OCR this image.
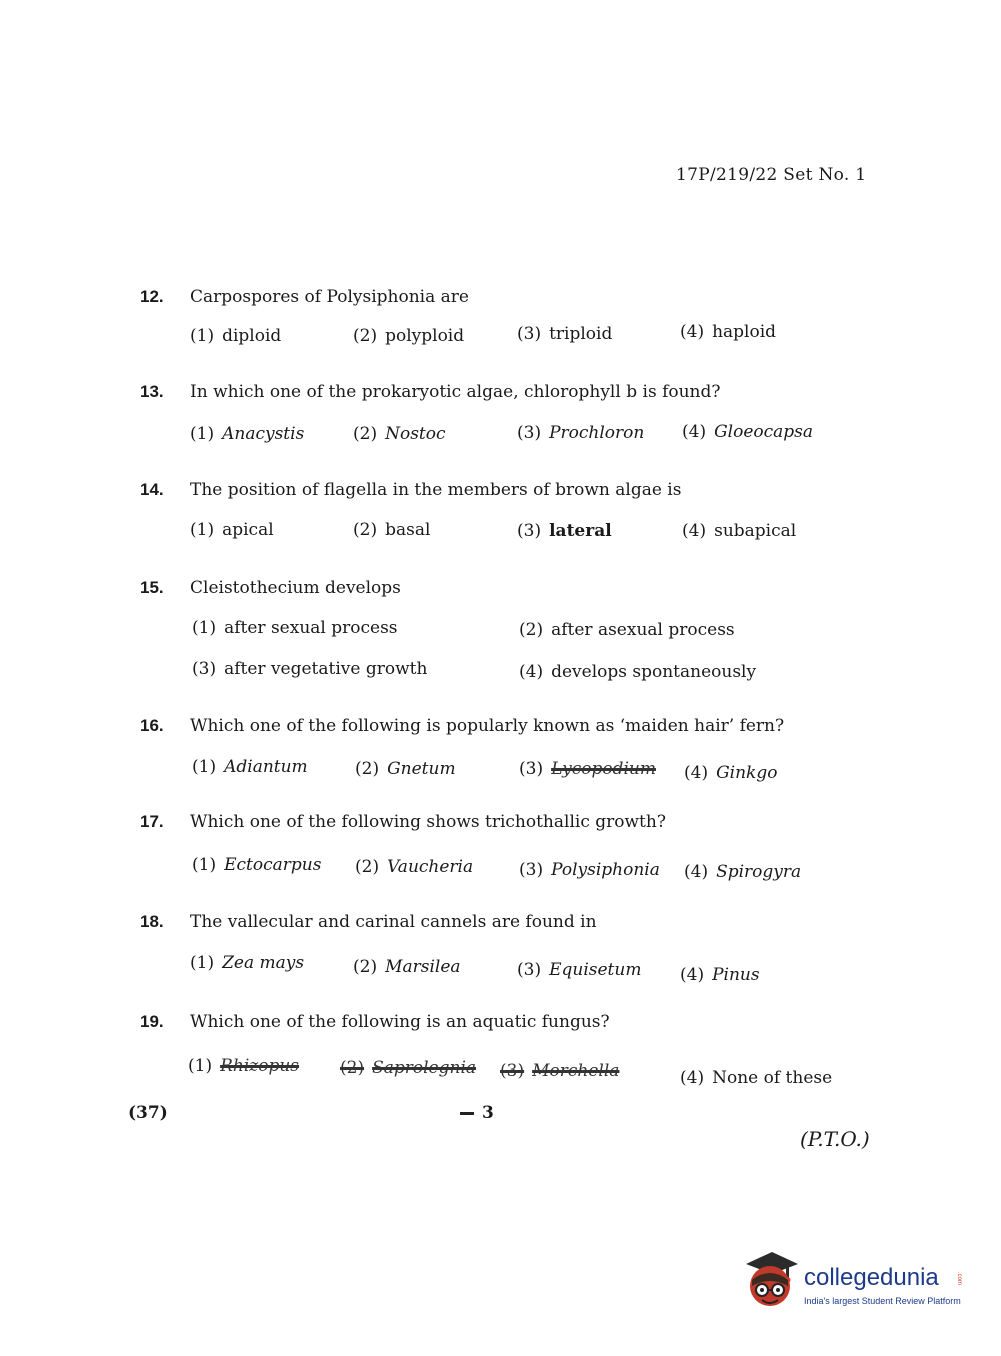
17P/219/22 Set No. 1
12. Carpospores of Polysiphonia are
(1) diploid	(2) polyploid	(3) triploid	(4) haploid
13. In which one of the prokaryotic algae, chlorophyll b is found?
(1) Anacystis	(2) Nostoc	(3) Prochloron (4) Gloeocapsa
14. The position of flagella in the members of brown algae is
(1) apical	(2) basal	(3) lateral	(4) subapical
15. Cleistothecium develops
(1) after sexual process	(2) after asexual process
(3) after vegetative growth	(4) develops spontaneously
16. Which one of the following is popularly known as ‘maiden hair’ fern?
(1) Adiantum	(2) Gnetum	(3) Lycopodium (4) Ginkgo
17. Which one of the following shows trichothallic growth?
(1) Ectocarpus (2) Vaucheria	(3) Polysiphonia (4) Spirogyra
18. The vallecular and carinal cannels are found in
(1) Zea mays	(2) Marsilea	(3) Equisetum (4) Pinus
19. Which one of the following is an aquatic fungus?
(1) Rhizopus (2) Saprolegnia (3) Morchella	(4) None of these
(37)	3
(P.T.O.)
collegedunia	.com
India's largest Student Review Platform
